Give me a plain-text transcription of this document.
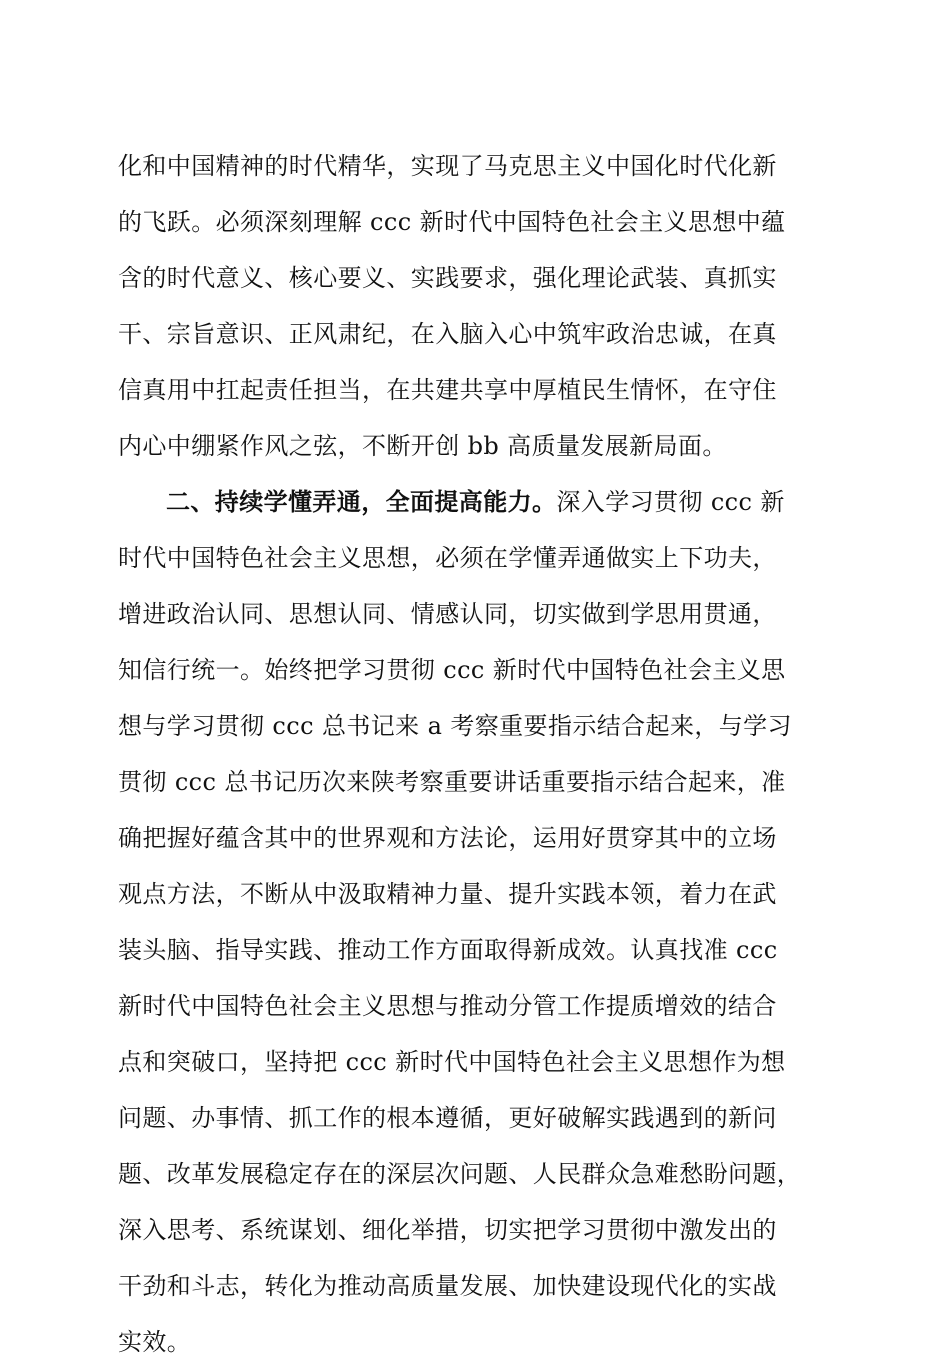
化和中国精神的时代精华，实现了马克思主义中国化时代化新
的飞跃。必须深刻理解 ccc 新时代中国特色社会主义思想中蕴
含的时代意义、核心要义、实践要求，强化理论武装、真抓实
干、宗旨意识、正风肃纪，在入脑入心中筑牢政治忠诚，在真
信真用中扛起责任担当，在共建共享中厚植民生情怀，在守住
内心中绷紧作风之弦，不断开创 bb 高质量发展新局面。
二、持续学懂弄通，全面提高能力。深入学习贯彻 ccc 新
时代中国特色社会主义思想，必须在学懂弄通做实上下功夫，
增进政治认同、思想认同、情感认同，切实做到学思用贯通，
知信行统一。始终把学习贯彻 ccc 新时代中国特色社会主义思
想与学习贯彻 ccc 总书记来 a 考察重要指示结合起来，与学习
贯彻 ccc 总书记历次来陕考察重要讲话重要指示结合起来，准
确把握好蕴含其中的世界观和方法论，运用好贯穿其中的立场
观点方法，不断从中汲取精神力量、提升实践本领，着力在武
装头脑、指导实践、推动工作方面取得新成效。认真找准 ccc
新时代中国特色社会主义思想与推动分管工作提质增效的结合
点和突破口，坚持把 ccc 新时代中国特色社会主义思想作为想
问题、办事情、抓工作的根本遵循，更好破解实践遇到的新问
题、改革发展稳定存在的深层次问题、人民群众急难愁盼问题，
深入思考、系统谋划、细化举措，切实把学习贯彻中激发出的
干劲和斗志，转化为推动高质量发展、加快建设现代化的实战
实效。
